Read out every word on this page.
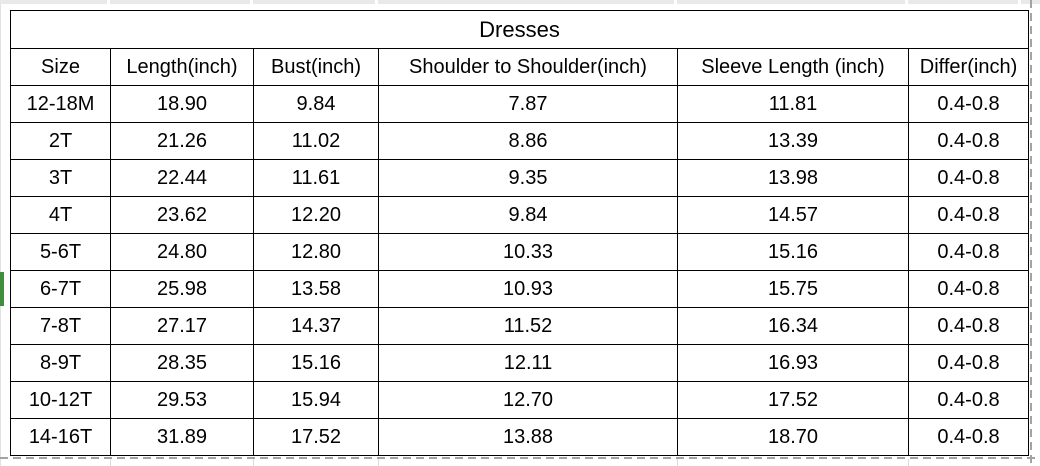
Dresses					
Size	Length(inch)	Bust(inch)	Shoulder to Shoulder(inch)	Sleeve Length (inch)	Differ(inch)
12-18M	18.90	9.84	7.87	11.81	0.4-0.8
2T	21.26	11.02	8.86	13.39	0.4-0.8
3T	22.44	11.61	9.35	13.98	0.4-0.8
4T	23.62	12.20	9.84	14.57	0.4-0.8
5-6T	24.80	12.80	10.33	15.16	0.4-0.8
6-7T	25.98	13.58	10.93	15.75	0.4-0.8
7-8T	27.17	14.37	11.52	16.34	0.4-0.8
8-9T	28.35	15.16	12.11	16.93	0.4-0.8
10-12T	29.53	15.94	12.70	17.52	0.4-0.8
14-16T	31.89	17.52	13.88	18.70	0.4-0.8
